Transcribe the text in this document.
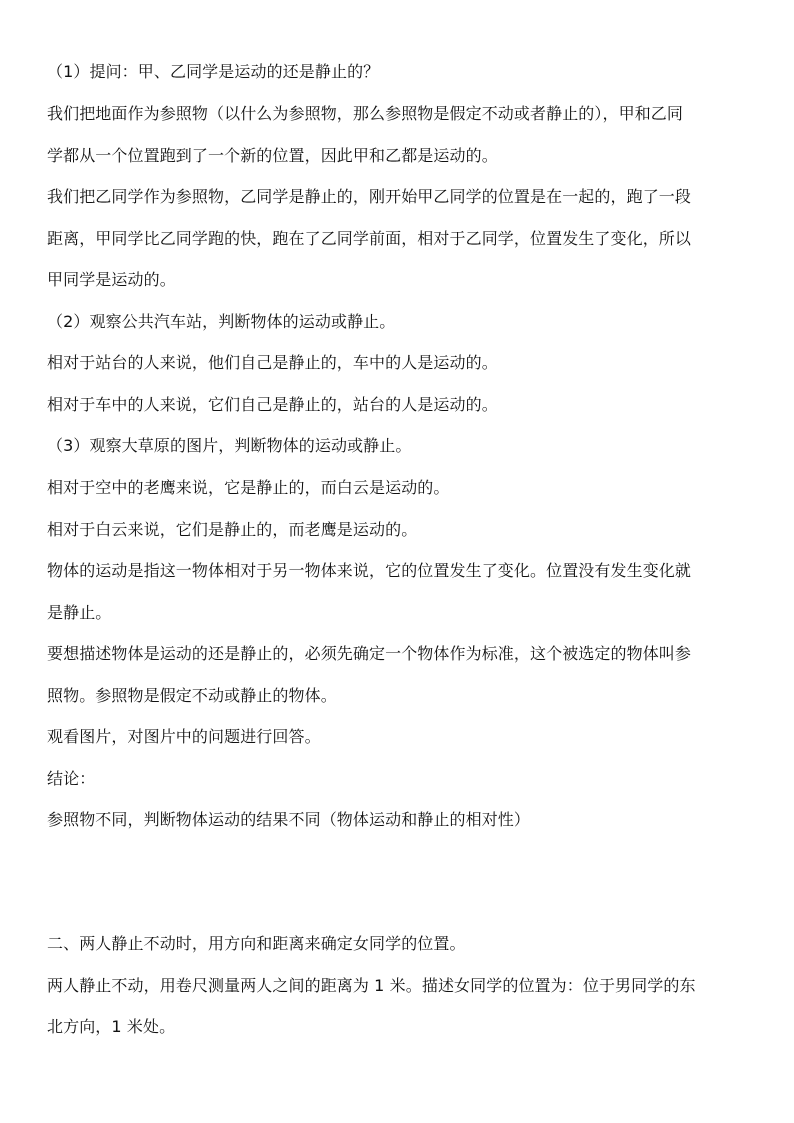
（1）提问：甲、乙同学是运动的还是静止的？
我们把地面作为参照物（以什么为参照物，那么参照物是假定不动或者静止的），甲和乙同
学都从一个位置跑到了一个新的位置，因此甲和乙都是运动的。
我们把乙同学作为参照物，乙同学是静止的，刚开始甲乙同学的位置是在一起的，跑了一段
距离，甲同学比乙同学跑的快，跑在了乙同学前面，相对于乙同学，位置发生了变化，所以
甲同学是运动的。
（2）观察公共汽车站，判断物体的运动或静止。
相对于站台的人来说，他们自己是静止的，车中的人是运动的。
相对于车中的人来说，它们自己是静止的，站台的人是运动的。
（3）观察大草原的图片，判断物体的运动或静止。
相对于空中的老鹰来说，它是静止的，而白云是运动的。
相对于白云来说，它们是静止的，而老鹰是运动的。
物体的运动是指这一物体相对于另一物体来说，它的位置发生了变化。位置没有发生变化就
是静止。
要想描述物体是运动的还是静止的，必须先确定一个物体作为标准，这个被选定的物体叫参
照物。参照物是假定不动或静止的物体。
观看图片，对图片中的问题进行回答。
结论：
参照物不同，判断物体运动的结果不同（物体运动和静止的相对性）
二、两人静止不动时，用方向和距离来确定女同学的位置。
两人静止不动，用卷尺测量两人之间的距离为 1 米。描述女同学的位置为：位于男同学的东
北方向，1 米处。
